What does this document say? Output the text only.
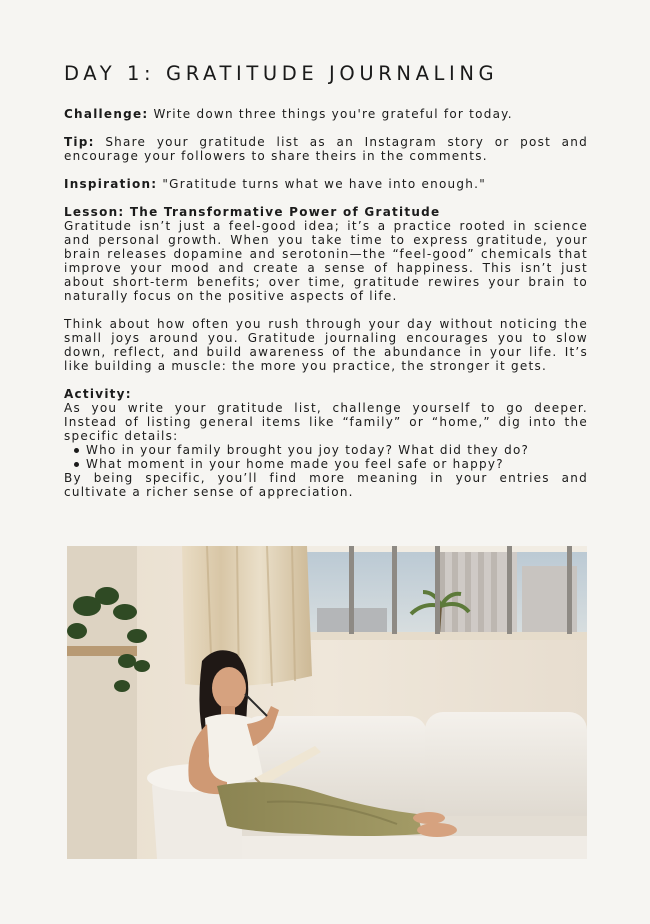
DAY 1: GRATITUDE JOURNALING

Challenge: Write down three things you're grateful for today.

Tip: Share your gratitude list as an Instagram story or post and encourage your followers to share theirs in the comments.

Inspiration: "Gratitude turns what we have into enough."

Lesson: The Transformative Power of Gratitude
Gratitude isn’t just a feel-good idea; it’s a practice rooted in science and personal growth. When you take time to express gratitude, your brain releases dopamine and serotonin—the “feel-good” chemicals that improve your mood and create a sense of happiness. This isn’t just about short-term benefits; over time, gratitude rewires your brain to naturally focus on the positive aspects of life.

Think about how often you rush through your day without noticing the small joys around you. Gratitude journaling encourages you to slow down, reflect, and build awareness of the abundance in your life. It’s like building a muscle: the more you practice, the stronger it gets.

Activity:
As you write your gratitude list, challenge yourself to go deeper. Instead of listing general items like “family” or “home,” dig into the specific details:

Who in your family brought you joy today? What did they do?
What moment in your home made you feel safe or happy?

By being specific, you’ll find more meaning in your entries and cultivate a richer sense of appreciation.
